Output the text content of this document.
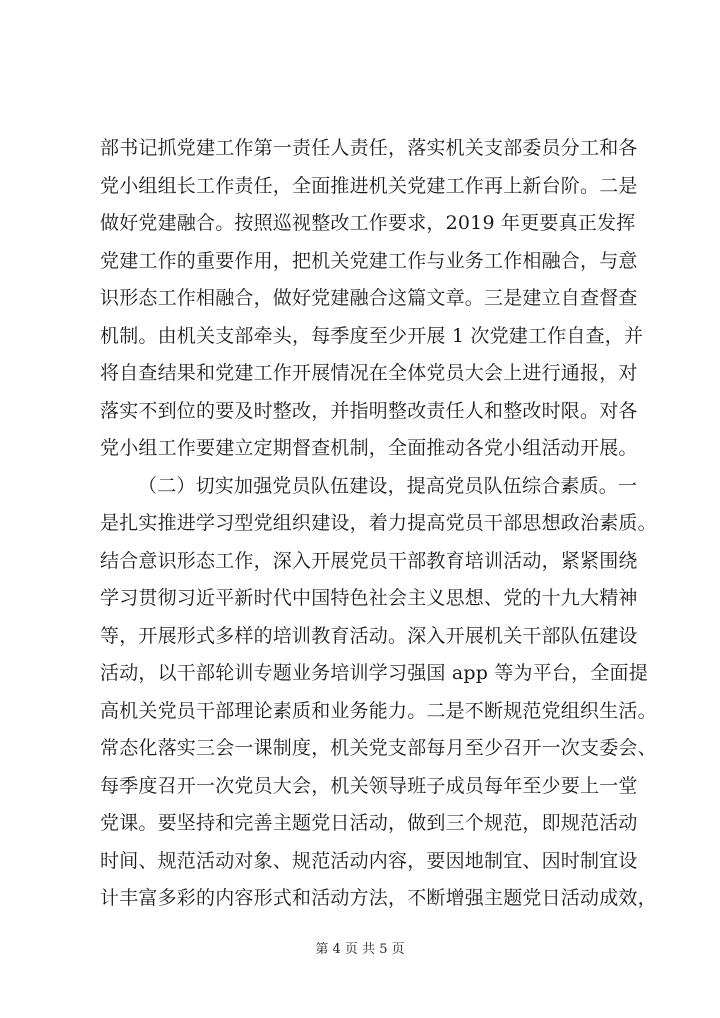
部书记抓党建工作第一责任人责任，落实机关支部委员分工和各
党小组组长工作责任，全面推进机关党建工作再上新台阶。二是
做好党建融合。按照巡视整改工作要求，2019 年更要真正发挥
党建工作的重要作用，把机关党建工作与业务工作相融合，与意
识形态工作相融合，做好党建融合这篇文章。三是建立自查督查
机制。由机关支部牵头，每季度至少开展 1 次党建工作自查，并
将自查结果和党建工作开展情况在全体党员大会上进行通报，对
落实不到位的要及时整改，并指明整改责任人和整改时限。对各
党小组工作要建立定期督查机制，全面推动各党小组活动开展。
（二）切实加强党员队伍建设，提高党员队伍综合素质。一
是扎实推进学习型党组织建设，着力提高党员干部思想政治素质。
结合意识形态工作，深入开展党员干部教育培训活动，紧紧围绕
学习贯彻习近平新时代中国特色社会主义思想、党的十九大精神
等，开展形式多样的培训教育活动。深入开展机关干部队伍建设
活动，以干部轮训专题业务培训学习强国 app 等为平台，全面提
高机关党员干部理论素质和业务能力。二是不断规范党组织生活。
常态化落实三会一课制度，机关党支部每月至少召开一次支委会、
每季度召开一次党员大会，机关领导班子成员每年至少要上一堂
党课。要坚持和完善主题党日活动，做到三个规范，即规范活动
时间、规范活动对象、规范活动内容，要因地制宜、因时制宜设
计丰富多彩的内容形式和活动方法，不断增强主题党日活动成效，
第 4 页 共 5 页
